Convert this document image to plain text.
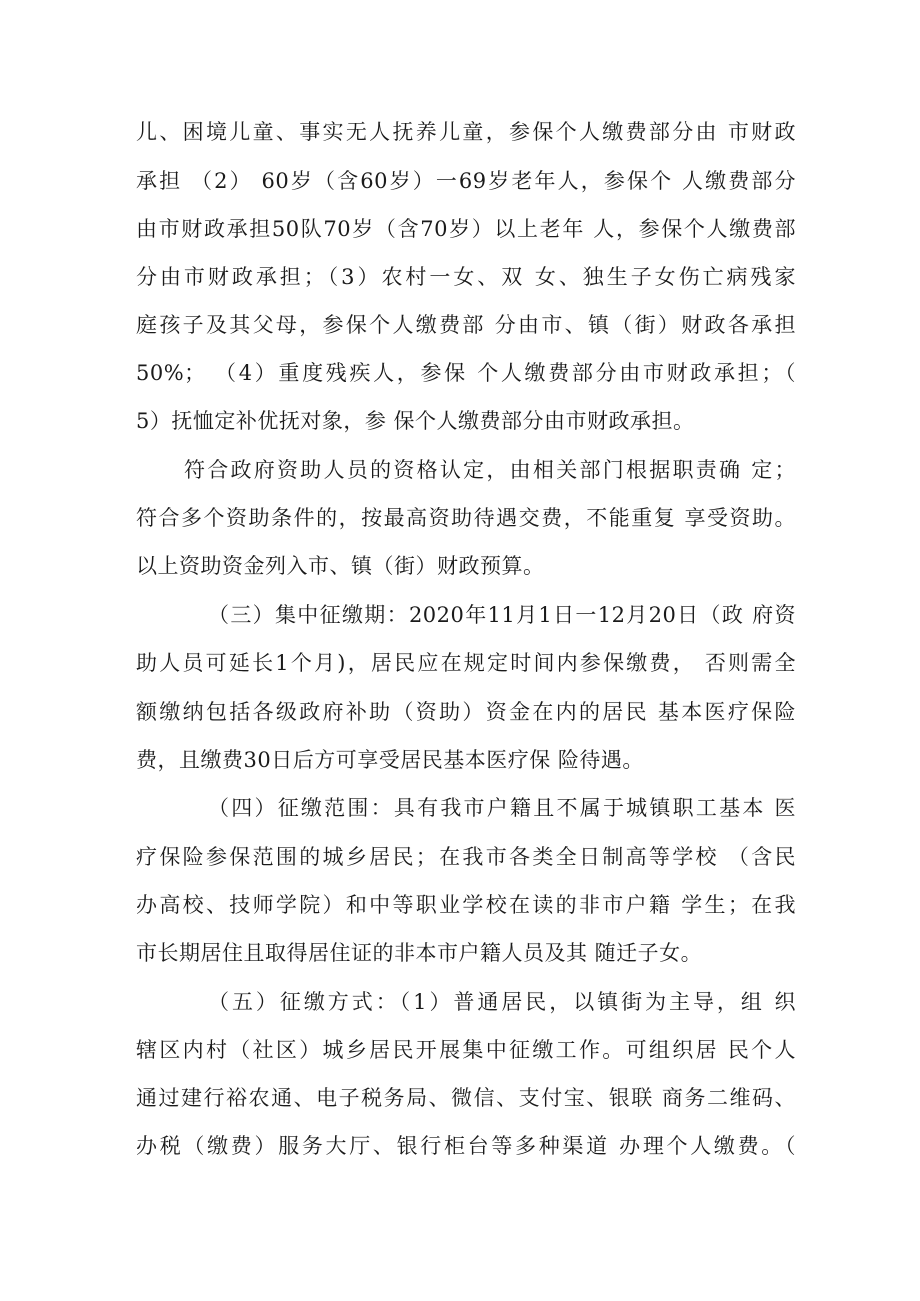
儿、困境儿童、事实无人抚养儿童，参保个人缴费部分由 市财政
承担 （2） 60岁（含60岁）一69岁老年人，参保个 人缴费部分
由市财政承担50队70岁（含70岁）以上老年 人，参保个人缴费部
分由市财政承担；（3）农村一女、双 女、独生子女伤亡病残家
庭孩子及其父母，参保个人缴费部 分由市、镇（街）财政各承担
50%； （4）重度残疾人，参保 个人缴费部分由市财政承担；（
5）抚恤定补优抚对象，参 保个人缴费部分由市财政承担。
符合政府资助人员的资格认定，由相关部门根据职责确 定；
符合多个资助条件的，按最高资助待遇交费，不能重复 享受资助。
以上资助资金列入市、镇（街）财政预算。
（三）集中征缴期：2020年11月1日一12月20日（政 府资
助人员可延长1个月)，居民应在规定时间内参保缴费， 否则需全
额缴纳包括各级政府补助（资助）资金在内的居民 基本医疗保险
费，且缴费30日后方可享受居民基本医疗保 险待遇。
（四）征缴范围：具有我市户籍且不属于城镇职工基本 医
疗保险参保范围的城乡居民；在我市各类全日制高等学校 （含民
办高校、技师学院）和中等职业学校在读的非市户籍 学生；在我
市长期居住且取得居住证的非本市户籍人员及其 随迁子女。
（五）征缴方式：（1）普通居民，以镇街为主导，组 织
辖区内村（社区）城乡居民开展集中征缴工作。可组织居 民个人
通过建行裕农通、电子税务局、微信、支付宝、银联 商务二维码、
办税（缴费）服务大厅、银行柜台等多种渠道 办理个人缴费。（
